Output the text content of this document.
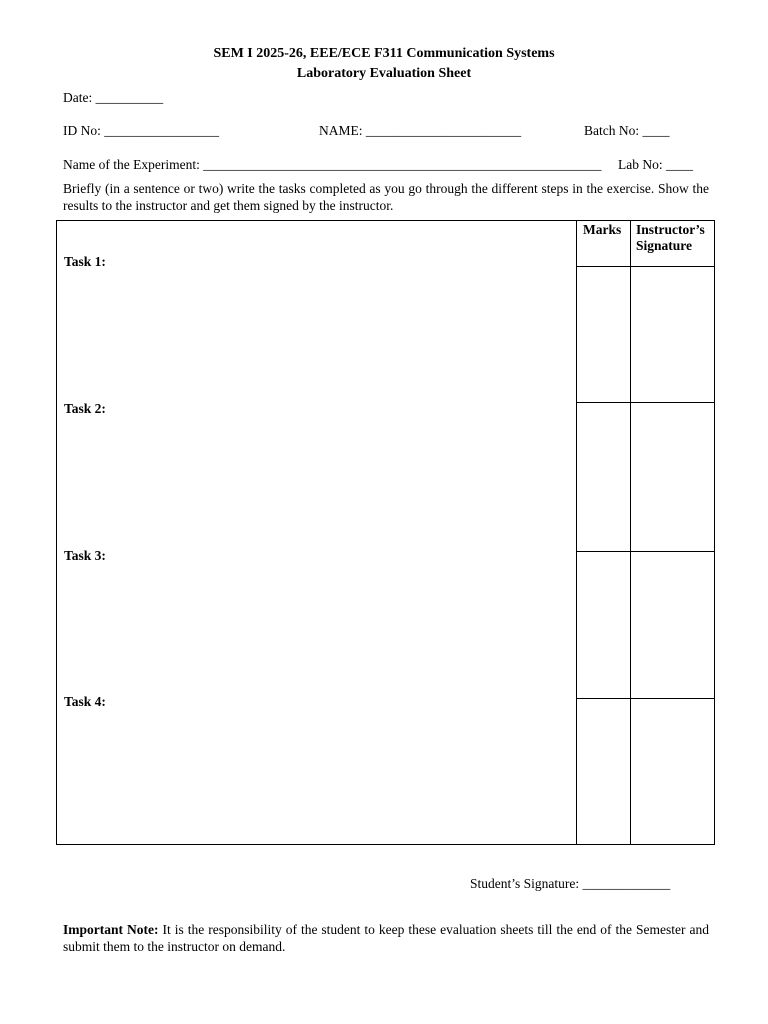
SEM I 2025-26, EEE/ECE F311 Communication Systems
Laboratory Evaluation Sheet
Date: __________
ID No: _________________	NAME: _______________________	Batch No: ____
Name of the Experiment: ___________________________________________________________ Lab No: ____
Briefly (in a sentence or two) write the tasks completed as you go through the different steps in the exercise. Show the results to the instructor and get them signed by the instructor.
Marks Instructor’s Signature
Task 1:
Task 2:
Task 3:
Task 4:
Student’s Signature: _____________
Important Note: It is the responsibility of the student to keep these evaluation sheets till the end of the Semester and submit them to the instructor on demand.
